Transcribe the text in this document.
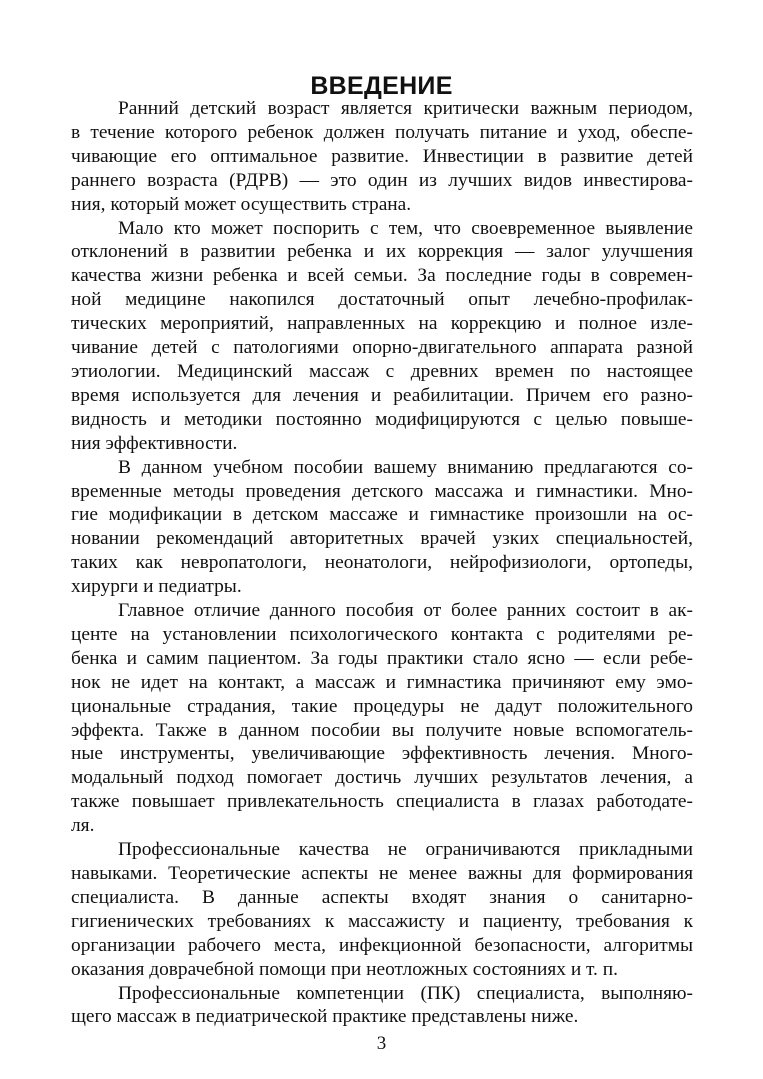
ВВЕДЕНИЕ

Ранний детский возраст является критически важным периодом,
в течение которого ребенок должен получать питание и уход, обеспе-
чивающие его оптимальное развитие. Инвестиции в развитие детей
раннего возраста (РДРВ) — это один из лучших видов инвестирова-
ния, который может осуществить страна.

Мало кто может поспорить с тем, что своевременное выявление
отклонений в развитии ребенка и их коррекция — залог улучшения
качества жизни ребенка и всей семьи. За последние годы в современ-
ной медицине накопился достаточный опыт лечебно-профилак-
тических мероприятий, направленных на коррекцию и полное изле-
чивание детей с патологиями опорно-двигательного аппарата разной
этиологии. Медицинский массаж с древних времен по настоящее
время используется для лечения и реабилитации. Причем его разно-
видность и методики постоянно модифицируются с целью повыше-
ния эффективности.

В данном учебном пособии вашему вниманию предлагаются со-
временные методы проведения детского массажа и гимнастики. Мно-
гие модификации в детском массаже и гимнастике произошли на ос-
новании рекомендаций авторитетных врачей узких специальностей,
таких как невропатологи, неонатологи, нейрофизиологи, ортопеды,
хирурги и педиатры.

Главное отличие данного пособия от более ранних состоит в ак-
центе на установлении психологического контакта с родителями ре-
бенка и самим пациентом. За годы практики стало ясно — если ребе-
нок не идет на контакт, а массаж и гимнастика причиняют ему эмо-
циональные страдания, такие процедуры не дадут положительного
эффекта. Также в данном пособии вы получите новые вспомогатель-
ные инструменты, увеличивающие эффективность лечения. Много-
модальный подход помогает достичь лучших результатов лечения, а
также повышает привлекательность специалиста в глазах работодате-
ля.

Профессиональные качества не ограничиваются прикладными
навыками. Теоретические аспекты не менее важны для формирования
специалиста. В данные аспекты входят знания о санитарно-
гигиенических требованиях к массажисту и пациенту, требования к
организации рабочего места, инфекционной безопасности, алгоритмы
оказания доврачебной помощи при неотложных состояниях и т. п.

Профессиональные компетенции (ПК) специалиста, выполняю-
щего массаж в педиатрической практике представлены ниже.

3
